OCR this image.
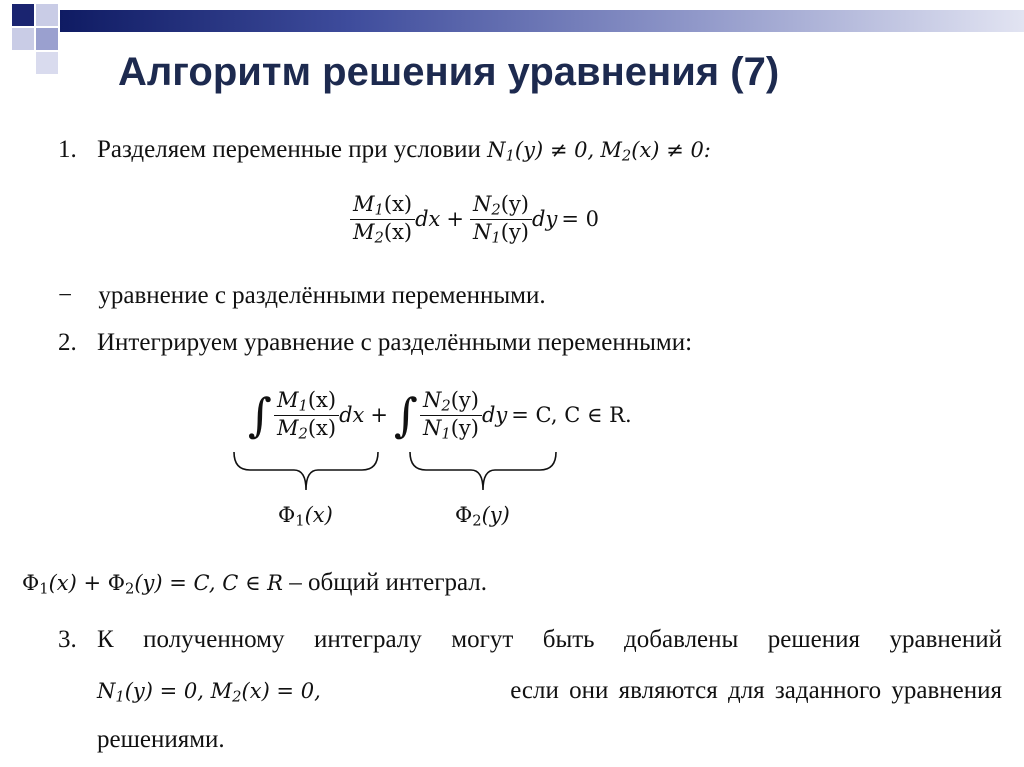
Алгоритм решения уравнения (7)
1. Разделяем переменные при условии $N_1(y) \ne 0$, $M_2(x) \ne 0$:
$\frac{M_1(x)}{M_2(x)}$ dx + $\frac{N_2(y)}{N_1(y)}$ dy = 0
− уравнение с разделёнными переменными.
2. Интегрируем уравнение с разделёнными переменными:
∫ $\frac{M_1(x)}{M_2(x)}$ dx + ∫ $\frac{N_2(y)}{N_1(y)}$ dy = C, C ∈ R.
$\Phi_1(x)$	$\Phi_2(y)$
$\Phi_1(x) + \Phi_2(y) = C$, C ∈ R – общий интеграл.
3. К полученному интегралу могут быть добавлены решения уравнений
$N_1(y) = 0$, $M_2(x) = 0$,	если они являются для заданного уравнения
решениями.
